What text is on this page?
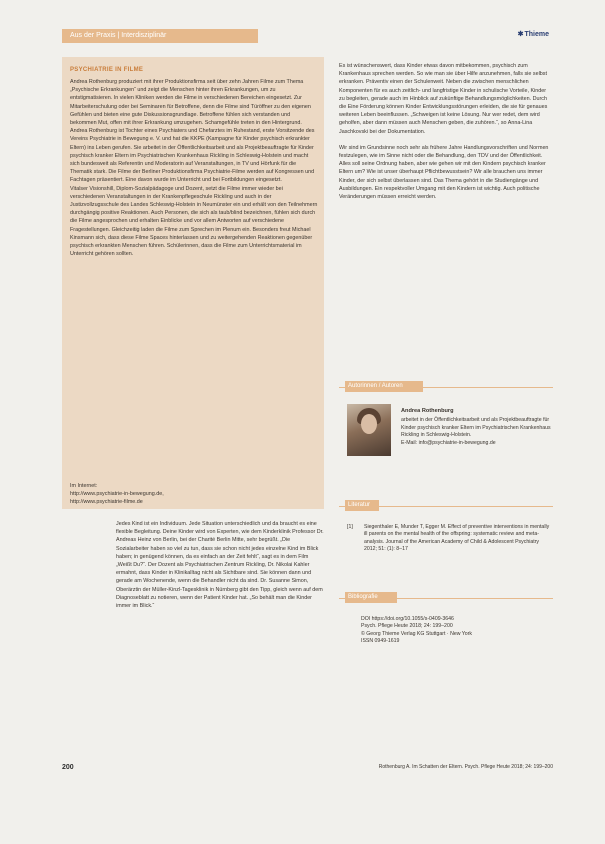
Aus der Praxis | Interdisziplinär	✱Thieme
PSYCHIATRIE IN FILME

Andrea Rothenburg produziert mit ihrer Produktionsfirma seit über zehn Jahren Filme zum Thema „Psychische Erkrankungen“ und zeigt die Menschen hinter ihren Erkrankungen, um zu entstigmatisieren. In vielen Kliniken werden die Filme in verschiedenen Bereichen eingesetzt. Zur Mitarbeiterschulung oder bei Seminaren für Betroffene, denn die Filme sind Türöffner zu den eigenen Gefühlen und bieten eine gute Diskussionsgrundlage. Betroffene fühlen sich verstanden und bekommen Mut, offen mit ihrer Erkrankung umzugehen. Schamgefühle treten in den Hintergrund. Andrea Rothenburg ist Tochter eines Psychiaters und Chefarztes im Ruhestand, erste Vorsitzende des Vereins Psychiatrie in Bewegung e. V. und hat die KKPE (Kampagne für Kinder psychisch erkrankter Eltern) ins Leben gerufen. Sie arbeitet in der Öffentlichkeitsarbeit und als Projektbeauftragte für Kinder psychisch kranker Eltern im Psychiatrischen Krankenhaus Rickling in Schleswig-Holstein und macht sich bundesweit als Referentin und Moderatorin auf Veranstaltungen, in TV und Hörfunk für die Thematik stark. Die Filme der Berliner Produktionsfirma Psychiatrie-Filme werden auf Kongressen und Fachtagen präsentiert. Eine davon wurde im Unterricht und bei Fortbildungen eingesetzt.

Vitalser Visionshill, Diplom-Sozialpädagoge und Dozent, setzt die Filme immer wieder bei verschiedenen Veranstaltungen in der Krankenpflegeschule Rickling und auch in der Justizvollzugsschule des Landes Schleswig-Holstein in Neumünster ein und erhält von den Teilnehmern durchgängig positive Reaktionen. Auch Personen, die sich als taub/blind bezeichnen, fühlen sich durch die Filme angesprochen und erhalten Einblicke und vor allem Antworten auf verschiedene Fragestellungen. Gleichzeitig laden die Filme zum Sprechen im Plenum ein. Besonders freut Michael Kinsmann sich, dass diese Filme Spaces hinterlassen und zu weitergehenden Reaktionen gegenüber psychisch erkrankten Menschen führen. Schülerinnen, dass die Filme zum Unterrichtsmaterial im Unterricht gehören sollten.

Im Internet:
http://www.psychiatrie-in-bewegung.de,
http://www.psychiatrie-filme.de
Jedes Kind ist ein Individuum. Jede Situation unterschiedlich und da braucht es eine flexible Begleitung. Deine Kinder wird von Experten, wie dem Kinderklinik Professor Dr. Andreas Heinz von Berlin, bei der Charité Berlin Mitte, sehr begrüßt. „Die Sozialarbeiter haben so viel zu tun, dass sie schon nicht jedes einzelne Kind im Blick haben; in genügend können, da es einfach an der Zeit fehlt“, sagt es in dem Film „Weißt Du?“. Der Dozent als Psychiatrischen Zentrum Rickling, Dr. Nikolai Kahler ermahnt, dass Kinder in Klinikalltag nicht als Sichtbare sind. Sie können dann und gerade am Wochenende, wenn die Behandler nicht da sind. Dr. Susanne Simon, Oberärztin der Müller-Kinzl-Tagesklinik in Nürnberg gibt den Tipp, gleich wenn auf dem Diagnoseblatt zu notieren, wenn der Patient Kinder hat. „So behält man die Kinder immer im Blick.“

Es ist wünschenswert, dass Kinder etwas davon mitbekommen, psychisch zum Krankenhaus sprechen werden. So wie man sie über Hilfe anzunehmen, falls sie selbst erkranken. Präventiv einen der Schulenweit. Neben die zwischen menschlichen Komponenten für es auch zeitlich- und langfristige Kinder in schulische Vorteile, Kinder zu begleiten, gerade auch im Hinblick auf zukünftige Behandlungsmöglichkeiten. Durch die Eine Förderung können Kinder Entwicklungsstörungen erleiden, die sie für genaues weiteren Leben beeinflussen. „Schweigen ist keine Lösung. Nur wer redet, dem wird geholfen, aber dann müssen auch Menschen geben, die zuhören.“, so Anna-Lina Jaschkovski bei der Dokumentation.

Wir sind im Grundsinne noch sehr als frühere Jahre Handlungsvorschriften und Normen festzulegen, wie im Sinne nicht oder die Behandlung, den TDV und der Öffentlichkeit. Alles soll seine Ordnung haben, aber wie gehen wir mit den Kindern psychisch kranker Eltern um? Wie ist unser überhaupt Pflichtbewusstsein? Wir alle brauchen uns immer Kinder, der sich selbst überlassen sind. Das Thema gehört in die Studiengänge und Ausbildungen. Ein respektvoller Umgang mit den Kindern ist wichtig. Auch politische Veränderungen müssen erreicht werden.

Autorinnen / Autoren
Andrea Rothenburg
arbeitet in der Öffentlichkeitsarbeit und als Projektbeauftragte für Kinder psychisch kranker Eltern im Psychiatrischen Krankenhaus Rickling in Schleswig-Holstein.
E-Mail: info@psychiatrie-in-bewegung.de
Literatur
[1] Siegenthaler E, Munder T, Egger M. Effect of preventive interventions in mentally ill parents on the mental health of the offspring: systematic review and meta-analysis. Journal of the American Academy of Child & Adolescent Psychiatry 2012; 51: (1): 8–17
Bibliografie
DOI https://doi.org/10.1055/s-0409-3646
Psych. Pflege Heute 2018; 24: 199–200
© Georg Thieme Verlag KG Stuttgart · New York
ISSN 0949-1619
200	Rothenburg A. Im Schatten der Eltern. Psych. Pflege Heute 2018; 24: 199–200
